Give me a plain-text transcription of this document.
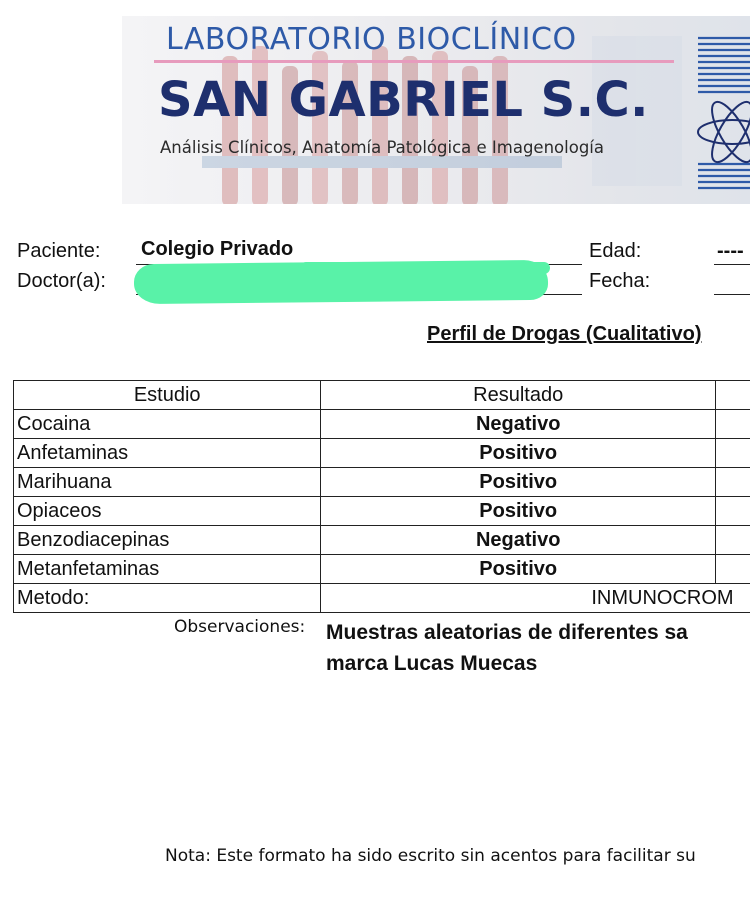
LABORATORIO BIOCLÍNICO
SAN GABRIEL S.C.
Análisis Clínicos, Anatomía Patológica e Imagenología
Paciente: Colegio Privado
Doctor(a):
Edad:	----
Fecha:
Perfil de Drogas (Cualitativo)
Estudio	Resultado	
Cocaina	Negativo	
Anfetaminas	Positivo	
Marihuana	Positivo	
Opiaceos	Positivo	
Benzodiacepinas	Negativo	
Metanfetaminas	Positivo	
Metodo:	INMUNOCROM	
Observaciones: Muestras aleatorias de diferentes sa
marca Lucas Muecas
Nota: Este formato ha sido escrito sin acentos para facilitar su
